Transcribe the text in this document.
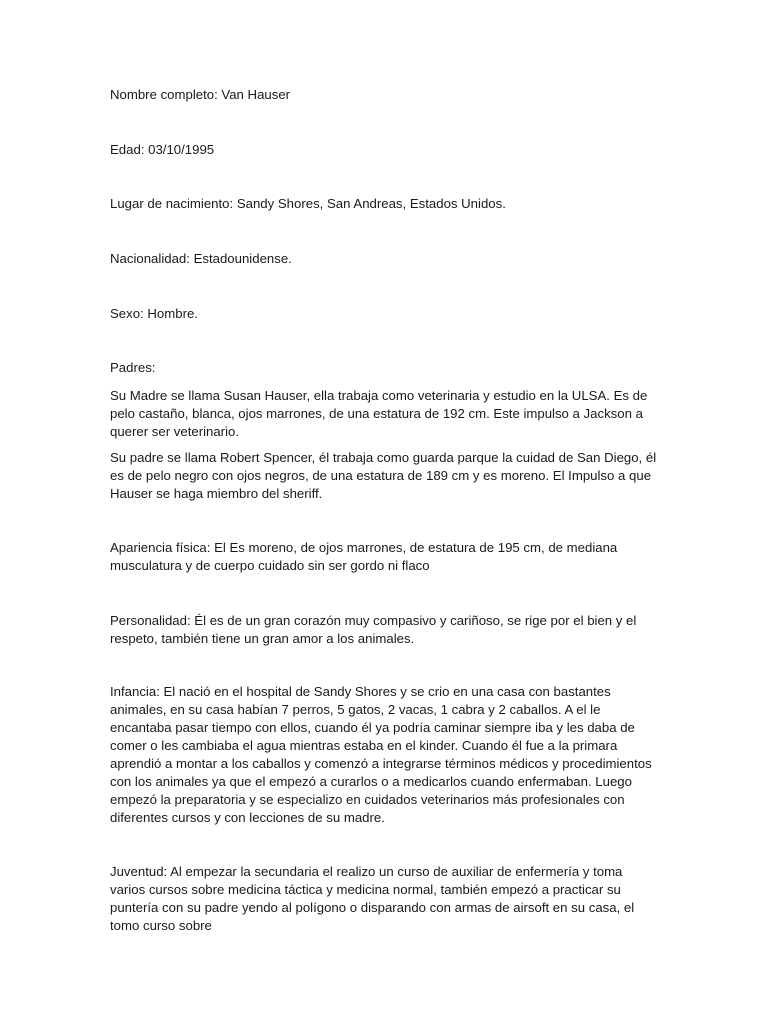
Nombre completo: Van Hauser

Edad: 03/10/1995

Lugar de nacimiento: Sandy Shores, San Andreas, Estados Unidos.

Nacionalidad: Estadounidense.

Sexo: Hombre.

Padres:

Su Madre se llama Susan Hauser, ella trabaja como veterinaria y estudio en la ULSA. Es de pelo castaño, blanca, ojos marrones, de una estatura de 192 cm. Este impulso a Jackson a querer ser veterinario.

Su padre se llama Robert Spencer, él trabaja como guarda parque la cuidad de San Diego, él es de pelo negro con ojos negros, de una estatura de 189 cm y es moreno. El Impulso a que Hauser se haga miembro del sheriff.

Apariencia física: El Es moreno, de ojos marrones, de estatura de 195 cm, de mediana musculatura y de cuerpo cuidado sin ser gordo ni flaco

Personalidad: Él es de un gran corazón muy compasivo y cariñoso, se rige por el bien y el respeto, también tiene un gran amor a los animales.

Infancia: El nació en el hospital de Sandy Shores y se crio en una casa con bastantes animales, en su casa habían 7 perros, 5 gatos, 2 vacas, 1 cabra y 2 caballos. A el le encantaba pasar tiempo con ellos, cuando él ya podría caminar siempre iba y les daba de comer o les cambiaba el agua mientras estaba en el kinder. Cuando él fue a la primara aprendió a montar a los caballos y comenzó a integrarse términos médicos y procedimientos con los animales ya que el empezó a curarlos o a medicarlos cuando enfermaban. Luego empezó la preparatoria y se especializo en cuidados veterinarios más profesionales con diferentes cursos y con lecciones de su madre.

Juventud: Al empezar la secundaria el realizo un curso de auxiliar de enfermería y toma varios cursos sobre medicina táctica y medicina normal, también empezó a practicar su puntería con su padre yendo al polígono o disparando con armas de airsoft en su casa, el tomo curso sobre
